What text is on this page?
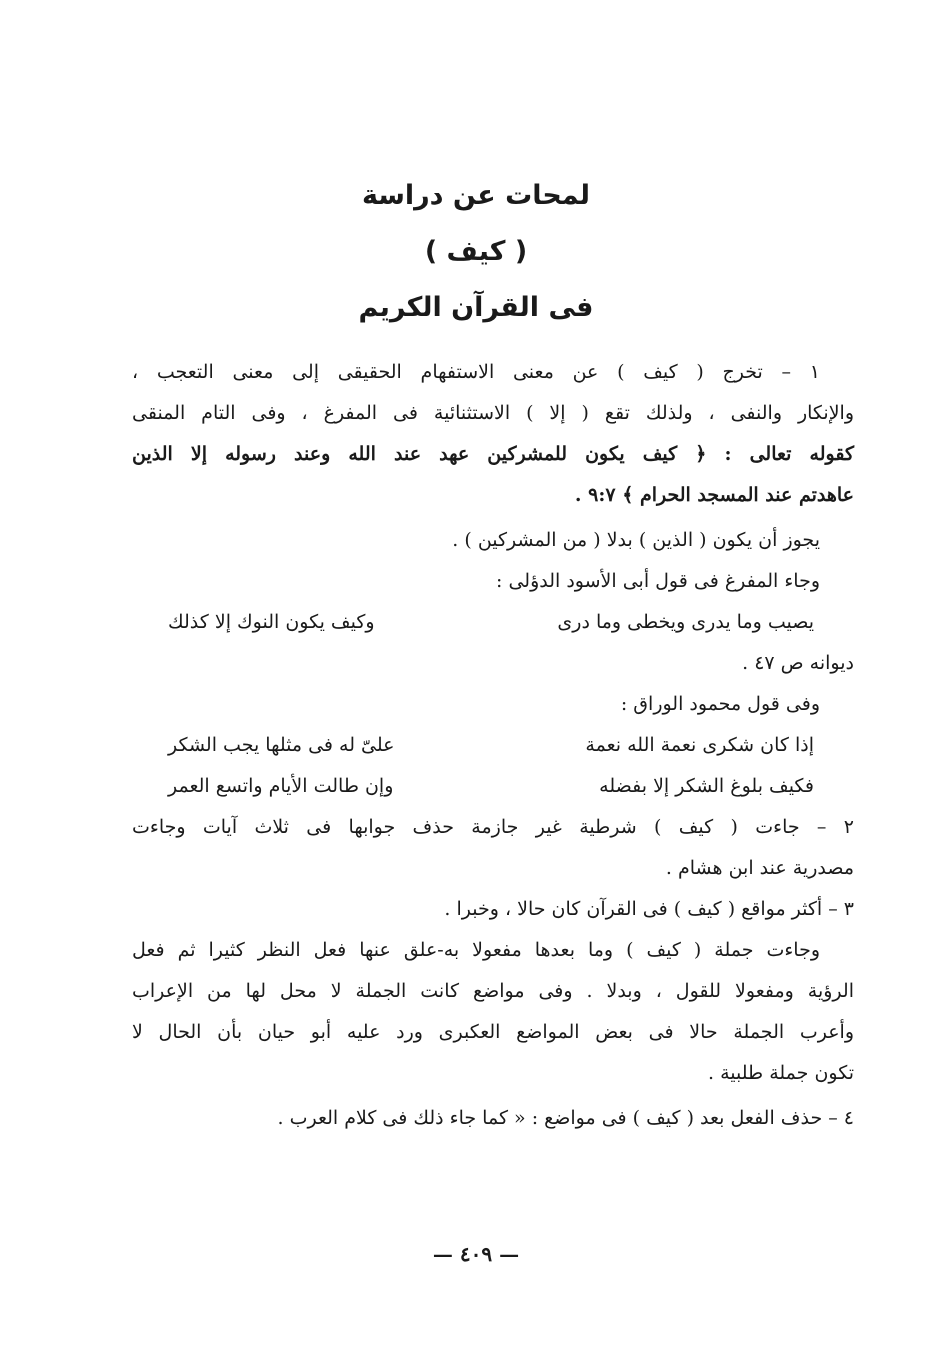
لمحات عن دراسة
( كيف )
فى القرآن الكريم
١ – تخرج ( كيف ) عن معنى الاستفهام الحقيقى إلى معنى التعجب ،
والإنكار والنفى ، ولذلك تقع ( إلا ) الاستثنائية فى المفرغ ، وفى التام المنقى
كقوله تعالى : ﴿ كيف يكون للمشركين عهد عند الله وعند رسوله إلا الذين
عاهدتم عند المسجد الحرام ﴾ ٩:٧ .
يجوز أن يكون ( الذين ) بدلا ( من المشركين ) .
وجاء المفرغ فى قول أبى الأسود الدؤلى :
يصيب وما يدرى ويخطى وما درى
وكيف يكون النوك إلا كذلك
ديوانه ص ٤٧ .
وفى قول محمود الوراق :
إذا كان شكرى نعمة الله نعمة
علىّ له فى مثلها يجب الشكر
فكيف بلوغ الشكر إلا بفضله
وإن طالت الأيام واتسع العمر
٢ – جاءت ( كيف ) شرطية غير جازمة حذف جوابها فى ثلاث آيات وجاءت
مصدرية عند ابن هشام .
٣ – أكثر مواقع ( كيف ) فى القرآن كان حالا ، وخبرا .
وجاءت جملة ( كيف ) وما بعدها مفعولا به-علق عنها فعل النظر كثيرا ثم فعل
الرؤية ومفعولا للقول ، وبدلا . وفى مواضع كانت الجملة لا محل لها من الإعراب
وأعرب الجملة حالا فى بعض المواضع العكبرى ورد عليه أبو حيان بأن الحال لا
تكون جملة طلبية .
٤ – حذف الفعل بعد ( كيف ) فى مواضع : « كما جاء ذلك فى كلام العرب .
— ٤٠٩ —
